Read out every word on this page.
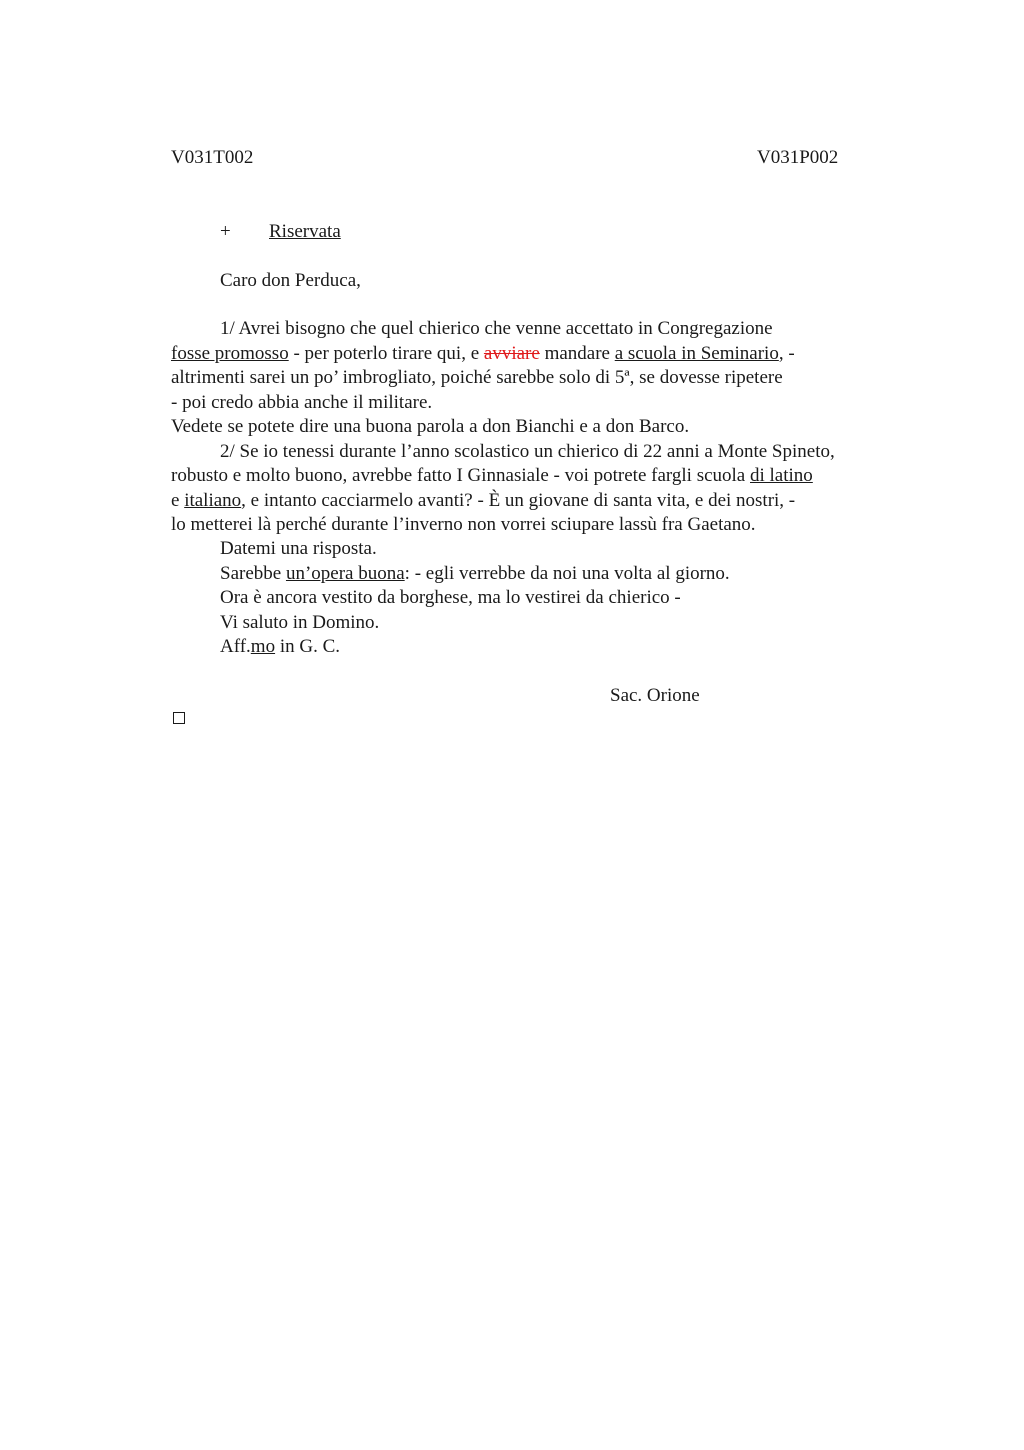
V031T002	V031P002
+ Riservata
Caro don Perduca,
1/ Avrei bisogno che quel chierico che venne accettato in Congregazione
fosse promosso - per poterlo tirare qui, e avviare mandare a scuola in Seminario, -
altrimenti sarei un po’ imbrogliato, poiché sarebbe solo di 5ª, se dovesse ripetere
- poi credo abbia anche il militare.
Vedete se potete dire una buona parola a don Bianchi e a don Barco.
2/ Se io tenessi durante l’anno scolastico un chierico di 22 anni a Monte Spineto,
robusto e molto buono, avrebbe fatto I Ginnasiale - voi potrete fargli scuola di latino
e italiano, e intanto cacciarmelo avanti? - È un giovane di santa vita, e dei nostri, -
lo metterei là perché durante l’inverno non vorrei sciupare lassù fra Gaetano.
Datemi una risposta.
Sarebbe un’opera buona: - egli verrebbe da noi una volta al giorno.
Ora è ancora vestito da borghese, ma lo vestirei da chierico -
Vi saluto in Domino.
Aff.mo in G. C.
Sac. Orione
